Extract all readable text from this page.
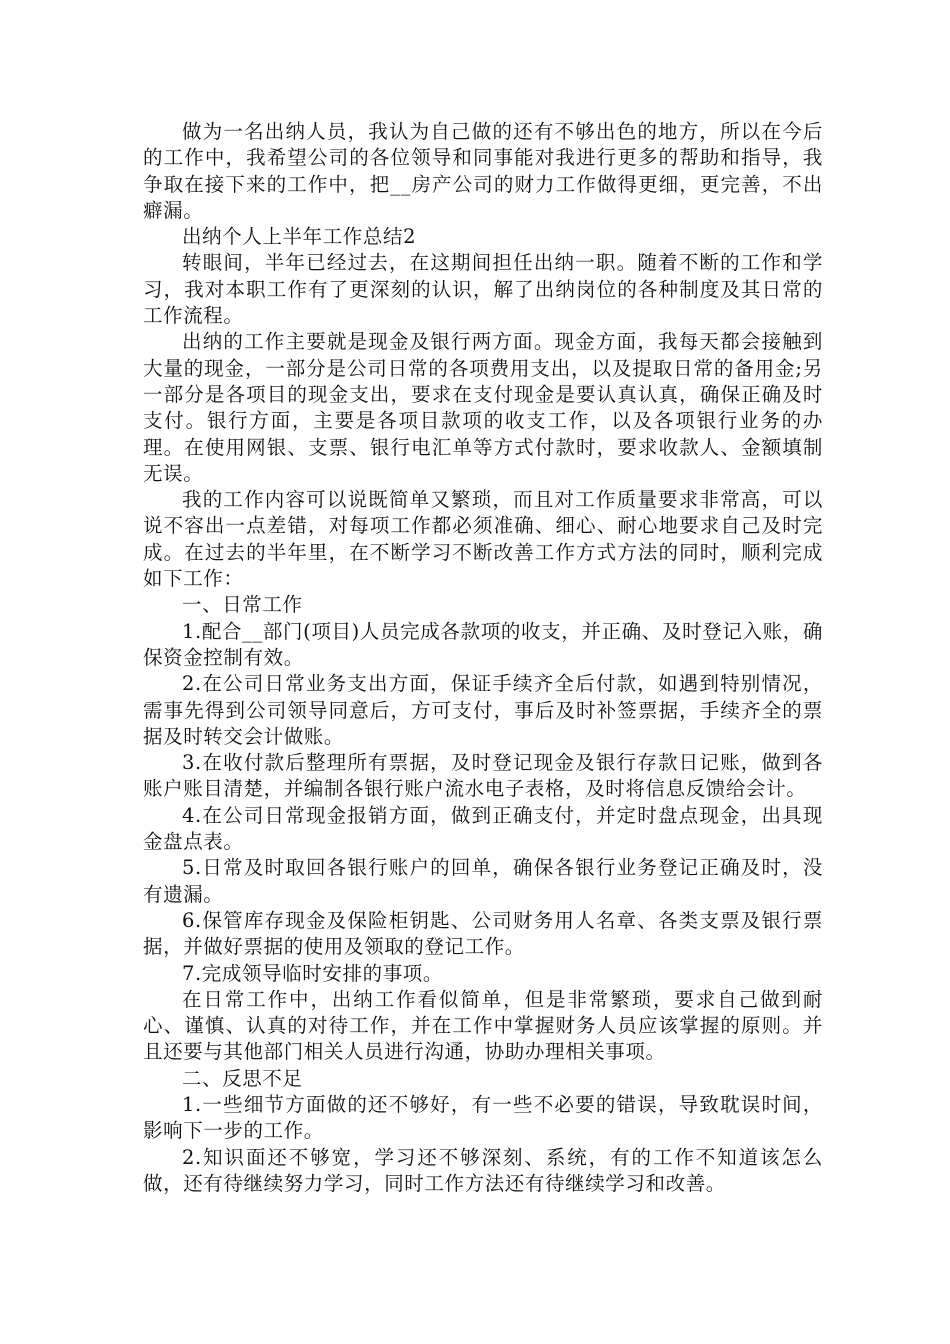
做为一名出纳人员，我认为自己做的还有不够出色的地方，所以在今后的工作中，我希望公司的各位领导和同事能对我进行更多的帮助和指导，我争取在接下来的工作中，把__房产公司的财力工作做得更细，更完善，不出癖漏。

出纳个人上半年工作总结2

转眼间，半年已经过去，在这期间担任出纳一职。随着不断的工作和学习，我对本职工作有了更深刻的认识，解了出纳岗位的各种制度及其日常的工作流程。

出纳的工作主要就是现金及银行两方面。现金方面，我每天都会接触到大量的现金，一部分是公司日常的各项费用支出，以及提取日常的备用金;另一部分是各项目的现金支出，要求在支付现金是要认真认真，确保正确及时支付。银行方面，主要是各项目款项的收支工作，以及各项银行业务的办理。在使用网银、支票、银行电汇单等方式付款时，要求收款人、金额填制无误。

我的工作内容可以说既简单又繁琐，而且对工作质量要求非常高，可以说不容出一点差错，对每项工作都必须准确、细心、耐心地要求自己及时完成。在过去的半年里，在不断学习不断改善工作方式方法的同时，顺利完成如下工作：

一、日常工作

1.配合__部门(项目)人员完成各款项的收支，并正确、及时登记入账，确保资金控制有效。

2.在公司日常业务支出方面，保证手续齐全后付款，如遇到特别情况，需事先得到公司领导同意后，方可支付，事后及时补签票据，手续齐全的票据及时转交会计做账。

3.在收付款后整理所有票据，及时登记现金及银行存款日记账，做到各账户账目清楚，并编制各银行账户流水电子表格，及时将信息反馈给会计。

4.在公司日常现金报销方面，做到正确支付，并定时盘点现金，出具现金盘点表。

5.日常及时取回各银行账户的回单，确保各银行业务登记正确及时，没有遗漏。

6.保管库存现金及保险柜钥匙、公司财务用人名章、各类支票及银行票据，并做好票据的使用及领取的登记工作。

7.完成领导临时安排的事项。

在日常工作中，出纳工作看似简单，但是非常繁琐，要求自己做到耐心、谨慎、认真的对待工作，并在工作中掌握财务人员应该掌握的原则。并且还要与其他部门相关人员进行沟通，协助办理相关事项。

二、反思不足

1.一些细节方面做的还不够好，有一些不必要的错误，导致耽误时间，影响下一步的工作。

2.知识面还不够宽，学习还不够深刻、系统，有的工作不知道该怎么做，还有待继续努力学习，同时工作方法还有待继续学习和改善。
